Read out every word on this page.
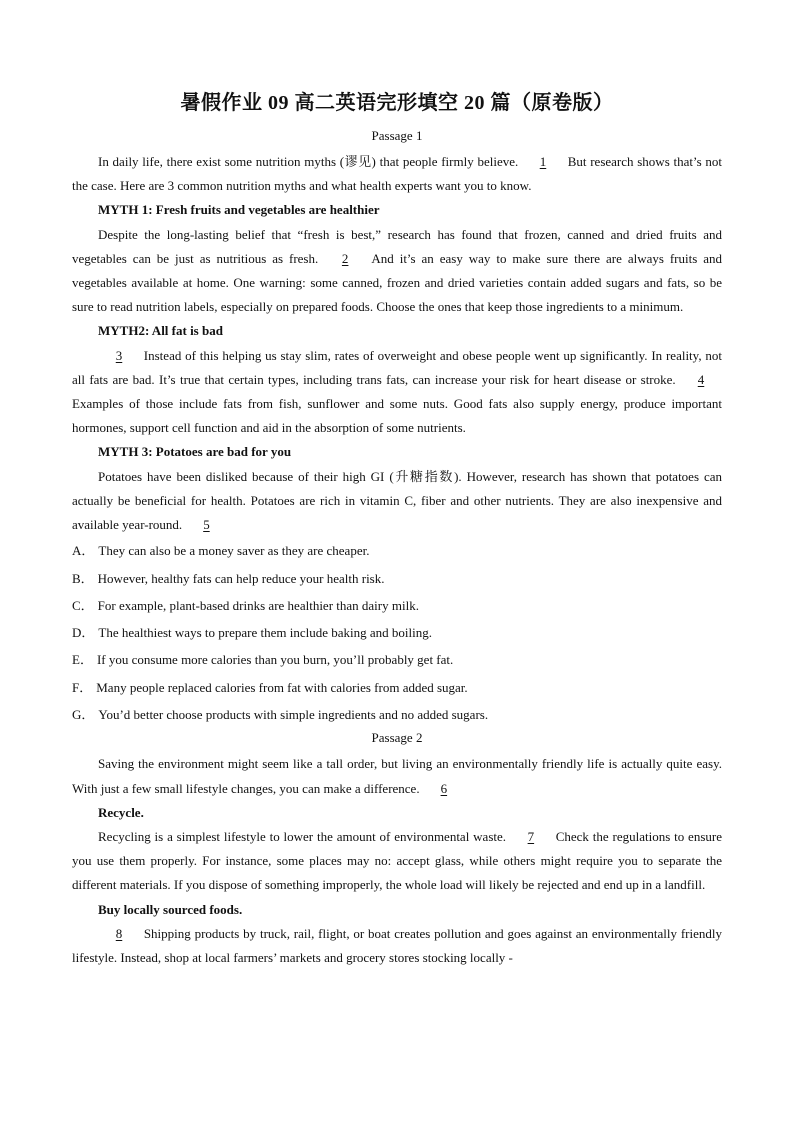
暑假作业 09 高二英语完形填空 20 篇（原卷版）
Passage 1

In daily life, there exist some nutrition myths (谬见) that people firmly believe. 1 But research shows that’s not the case. Here are 3 common nutrition myths and what health experts want you to know.

MYTH 1: Fresh fruits and vegetables are healthier

Despite the long-lasting belief that “fresh is best,” research has found that frozen, canned and dried fruits and vegetables can be just as nutritious as fresh. 2 And it’s an easy way to make sure there are always fruits and vegetables available at home. One warning: some canned, frozen and dried varieties contain added sugars and fats, so be sure to read nutrition labels, especially on prepared foods. Choose the ones that keep those ingredients to a minimum.

MYTH2: All fat is bad

3 Instead of this helping us stay slim, rates of overweight and obese people went up significantly. In reality, not all fats are bad. It’s true that certain types, including trans fats, can increase your risk for heart disease or stroke. 4 Examples of those include fats from fish, sunflower and some nuts. Good fats also supply energy, produce important hormones, support cell function and aid in the absorption of some nutrients.

MYTH 3: Potatoes are bad for you

Potatoes have been disliked because of their high GI (升糖指数). However, research has shown that potatoes can actually be beneficial for health. Potatoes are rich in vitamin C, fiber and other nutrients. They are also inexpensive and available year-round. 5

A． They can also be a money saver as they are cheaper.

B． However, healthy fats can help reduce your health risk.

C． For example, plant-based drinks are healthier than dairy milk.

D． The healthiest ways to prepare them include baking and boiling.

E． If you consume more calories than you burn, you’ll probably get fat.

F． Many people replaced calories from fat with calories from added sugar.

G． You’d better choose products with simple ingredients and no added sugars.

Passage 2

Saving the environment might seem like a tall order, but living an environmentally friendly life is actually quite easy. With just a few small lifestyle changes, you can make a difference. 6

Recycle.

Recycling is a simplest lifestyle to lower the amount of environmental waste. 7 Check the regulations to ensure you use them properly. For instance, some places may no: accept glass, while others might require you to separate the different materials. If you dispose of something improperly, the whole load will likely be rejected and end up in a landfill.

Buy locally sourced foods.

8 Shipping products by truck, rail, flight, or boat creates pollution and goes against an environmentally friendly lifestyle. Instead, shop at local farmers’ markets and grocery stores stocking locally -
